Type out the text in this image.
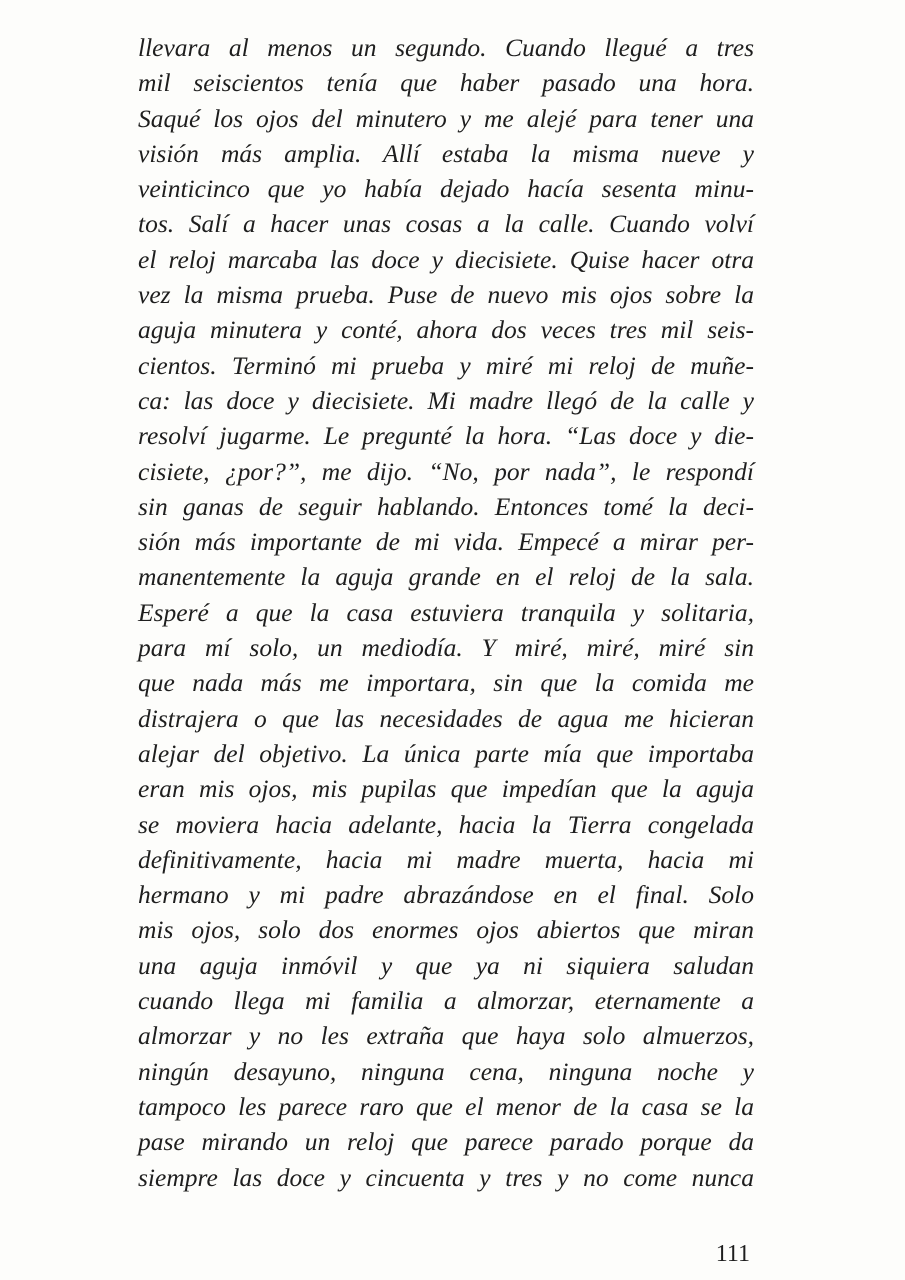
llevara al menos un segundo. Cuando llegué a tres
mil seiscientos tenía que haber pasado una hora.
Saqué los ojos del minutero y me alejé para tener una
visión más amplia. Allí estaba la misma nueve y
veinticinco que yo había dejado hacía sesenta minu-
tos. Salí a hacer unas cosas a la calle. Cuando volví
el reloj marcaba las doce y diecisiete. Quise hacer otra
vez la misma prueba. Puse de nuevo mis ojos sobre la
aguja minutera y conté, ahora dos veces tres mil seis-
cientos. Terminó mi prueba y miré mi reloj de muñe-
ca: las doce y diecisiete. Mi madre llegó de la calle y
resolví jugarme. Le pregunté la hora. “Las doce y die-
cisiete, ¿por?”, me dijo. “No, por nada”, le respondí
sin ganas de seguir hablando. Entonces tomé la deci-
sión más importante de mi vida. Empecé a mirar per-
manentemente la aguja grande en el reloj de la sala.
Esperé a que la casa estuviera tranquila y solitaria,
para mí solo, un mediodía. Y miré, miré, miré sin
que nada más me importara, sin que la comida me
distrajera o que las necesidades de agua me hicieran
alejar del objetivo. La única parte mía que importaba
eran mis ojos, mis pupilas que impedían que la aguja
se moviera hacia adelante, hacia la Tierra congelada
definitivamente, hacia mi madre muerta, hacia mi
hermano y mi padre abrazándose en el final. Solo
mis ojos, solo dos enormes ojos abiertos que miran
una aguja inmóvil y que ya ni siquiera saludan
cuando llega mi familia a almorzar, eternamente a
almorzar y no les extraña que haya solo almuerzos,
ningún desayuno, ninguna cena, ninguna noche y
tampoco les parece raro que el menor de la casa se la
pase mirando un reloj que parece parado porque da
siempre las doce y cincuenta y tres y no come nunca
111
